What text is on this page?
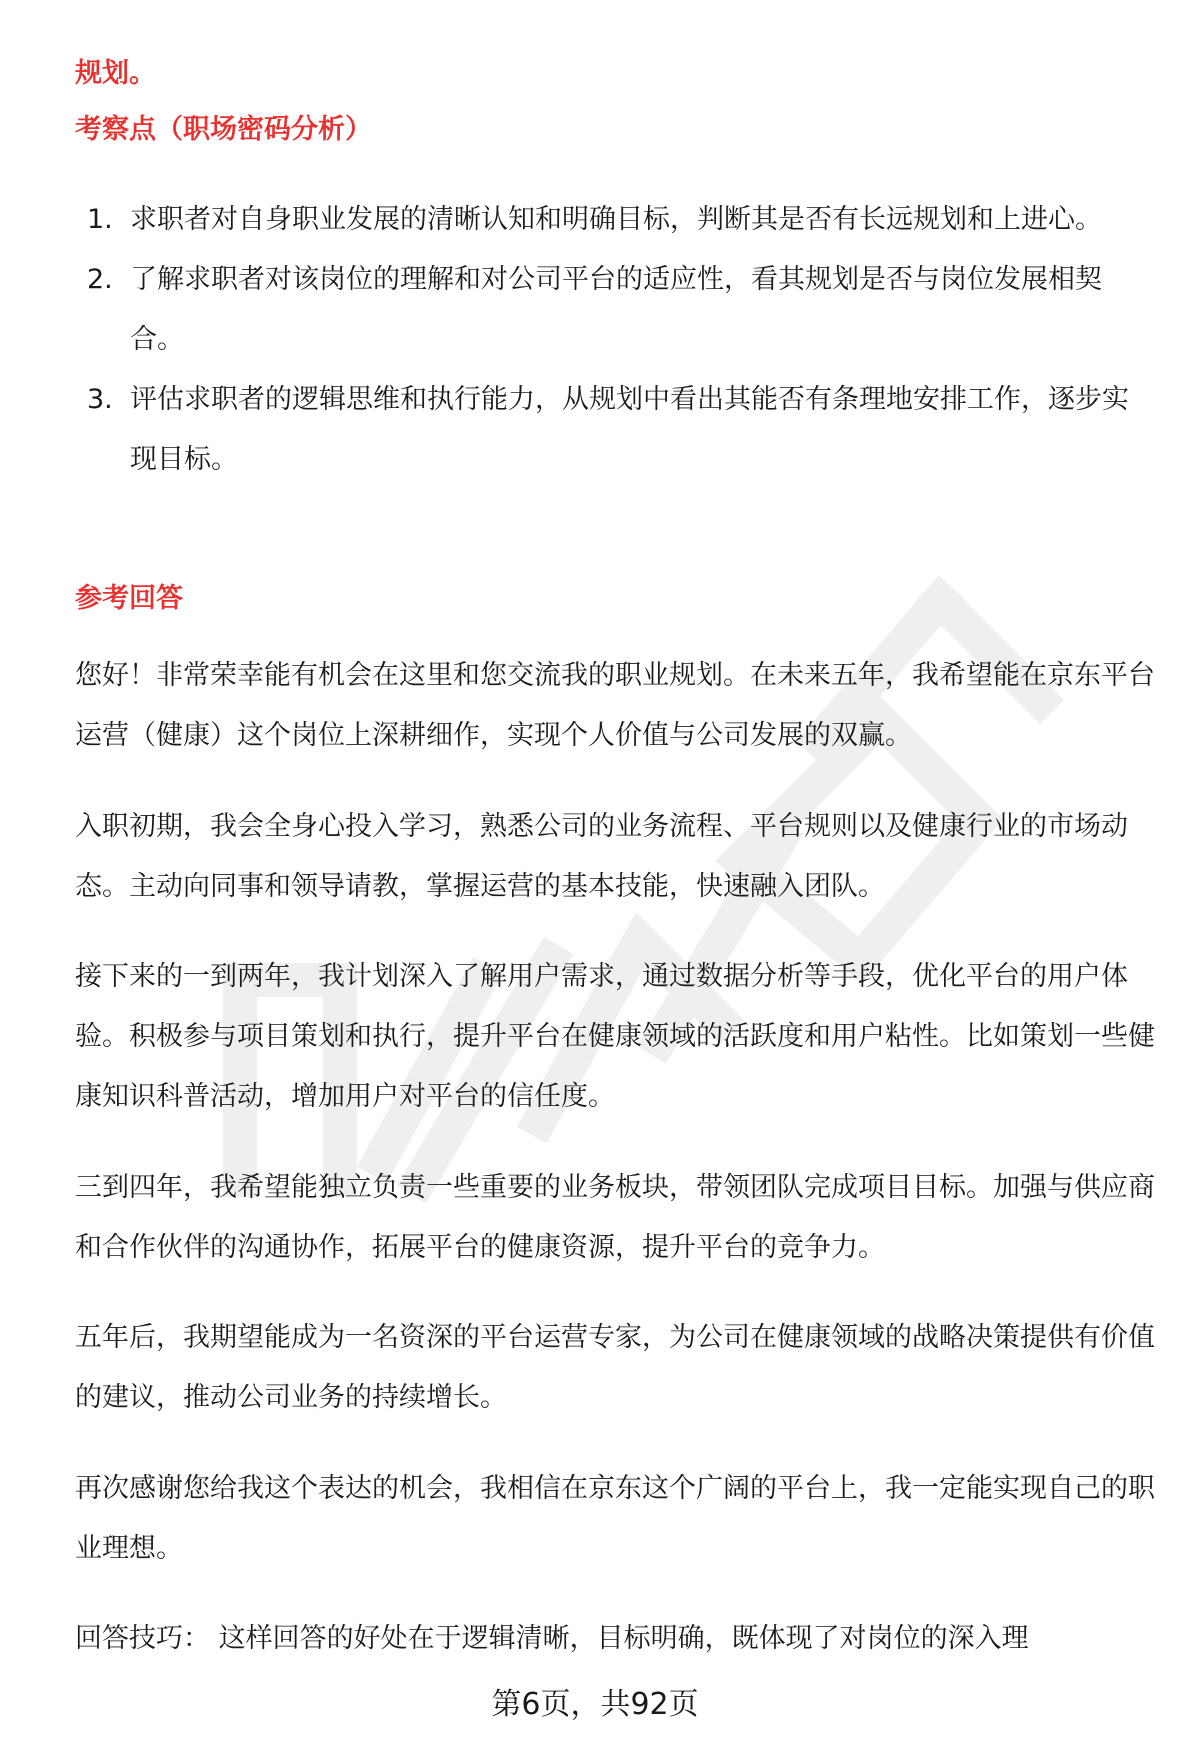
规划。
考察点（职场密码分析）
1. 求职者对自身职业发展的清晰认知和明确目标，判断其是否有长远规划和上进心。
2. 了解求职者对该岗位的理解和对公司平台的适应性，看其规划是否与岗位发展相契合。
3. 评估求职者的逻辑思维和执行能力，从规划中看出其能否有条理地安排工作，逐步实现目标。
参考回答

您好！非常荣幸能有机会在这里和您交流我的职业规划。在未来五年，我希望能在京东平台运营（健康）这个岗位上深耕细作，实现个人价值与公司发展的双赢。

入职初期，我会全身心投入学习，熟悉公司的业务流程、平台规则以及健康行业的市场动态。主动向同事和领导请教，掌握运营的基本技能，快速融入团队。

接下来的一到两年，我计划深入了解用户需求，通过数据分析等手段，优化平台的用户体验。积极参与项目策划和执行，提升平台在健康领域的活跃度和用户粘性。比如策划一些健康知识科普活动，增加用户对平台的信任度。

三到四年，我希望能独立负责一些重要的业务板块，带领团队完成项目目标。加强与供应商和合作伙伴的沟通协作，拓展平台的健康资源，提升平台的竞争力。

五年后，我期望能成为一名资深的平台运营专家，为公司在健康领域的战略决策提供有价值的建议，推动公司业务的持续增长。

再次感谢您给我这个表达的机会，我相信在京东这个广阔的平台上，我一定能实现自己的职业理想。

回答技巧： 这样回答的好处在于逻辑清晰，目标明确，既体现了对岗位的深入理

第6页，共92页
